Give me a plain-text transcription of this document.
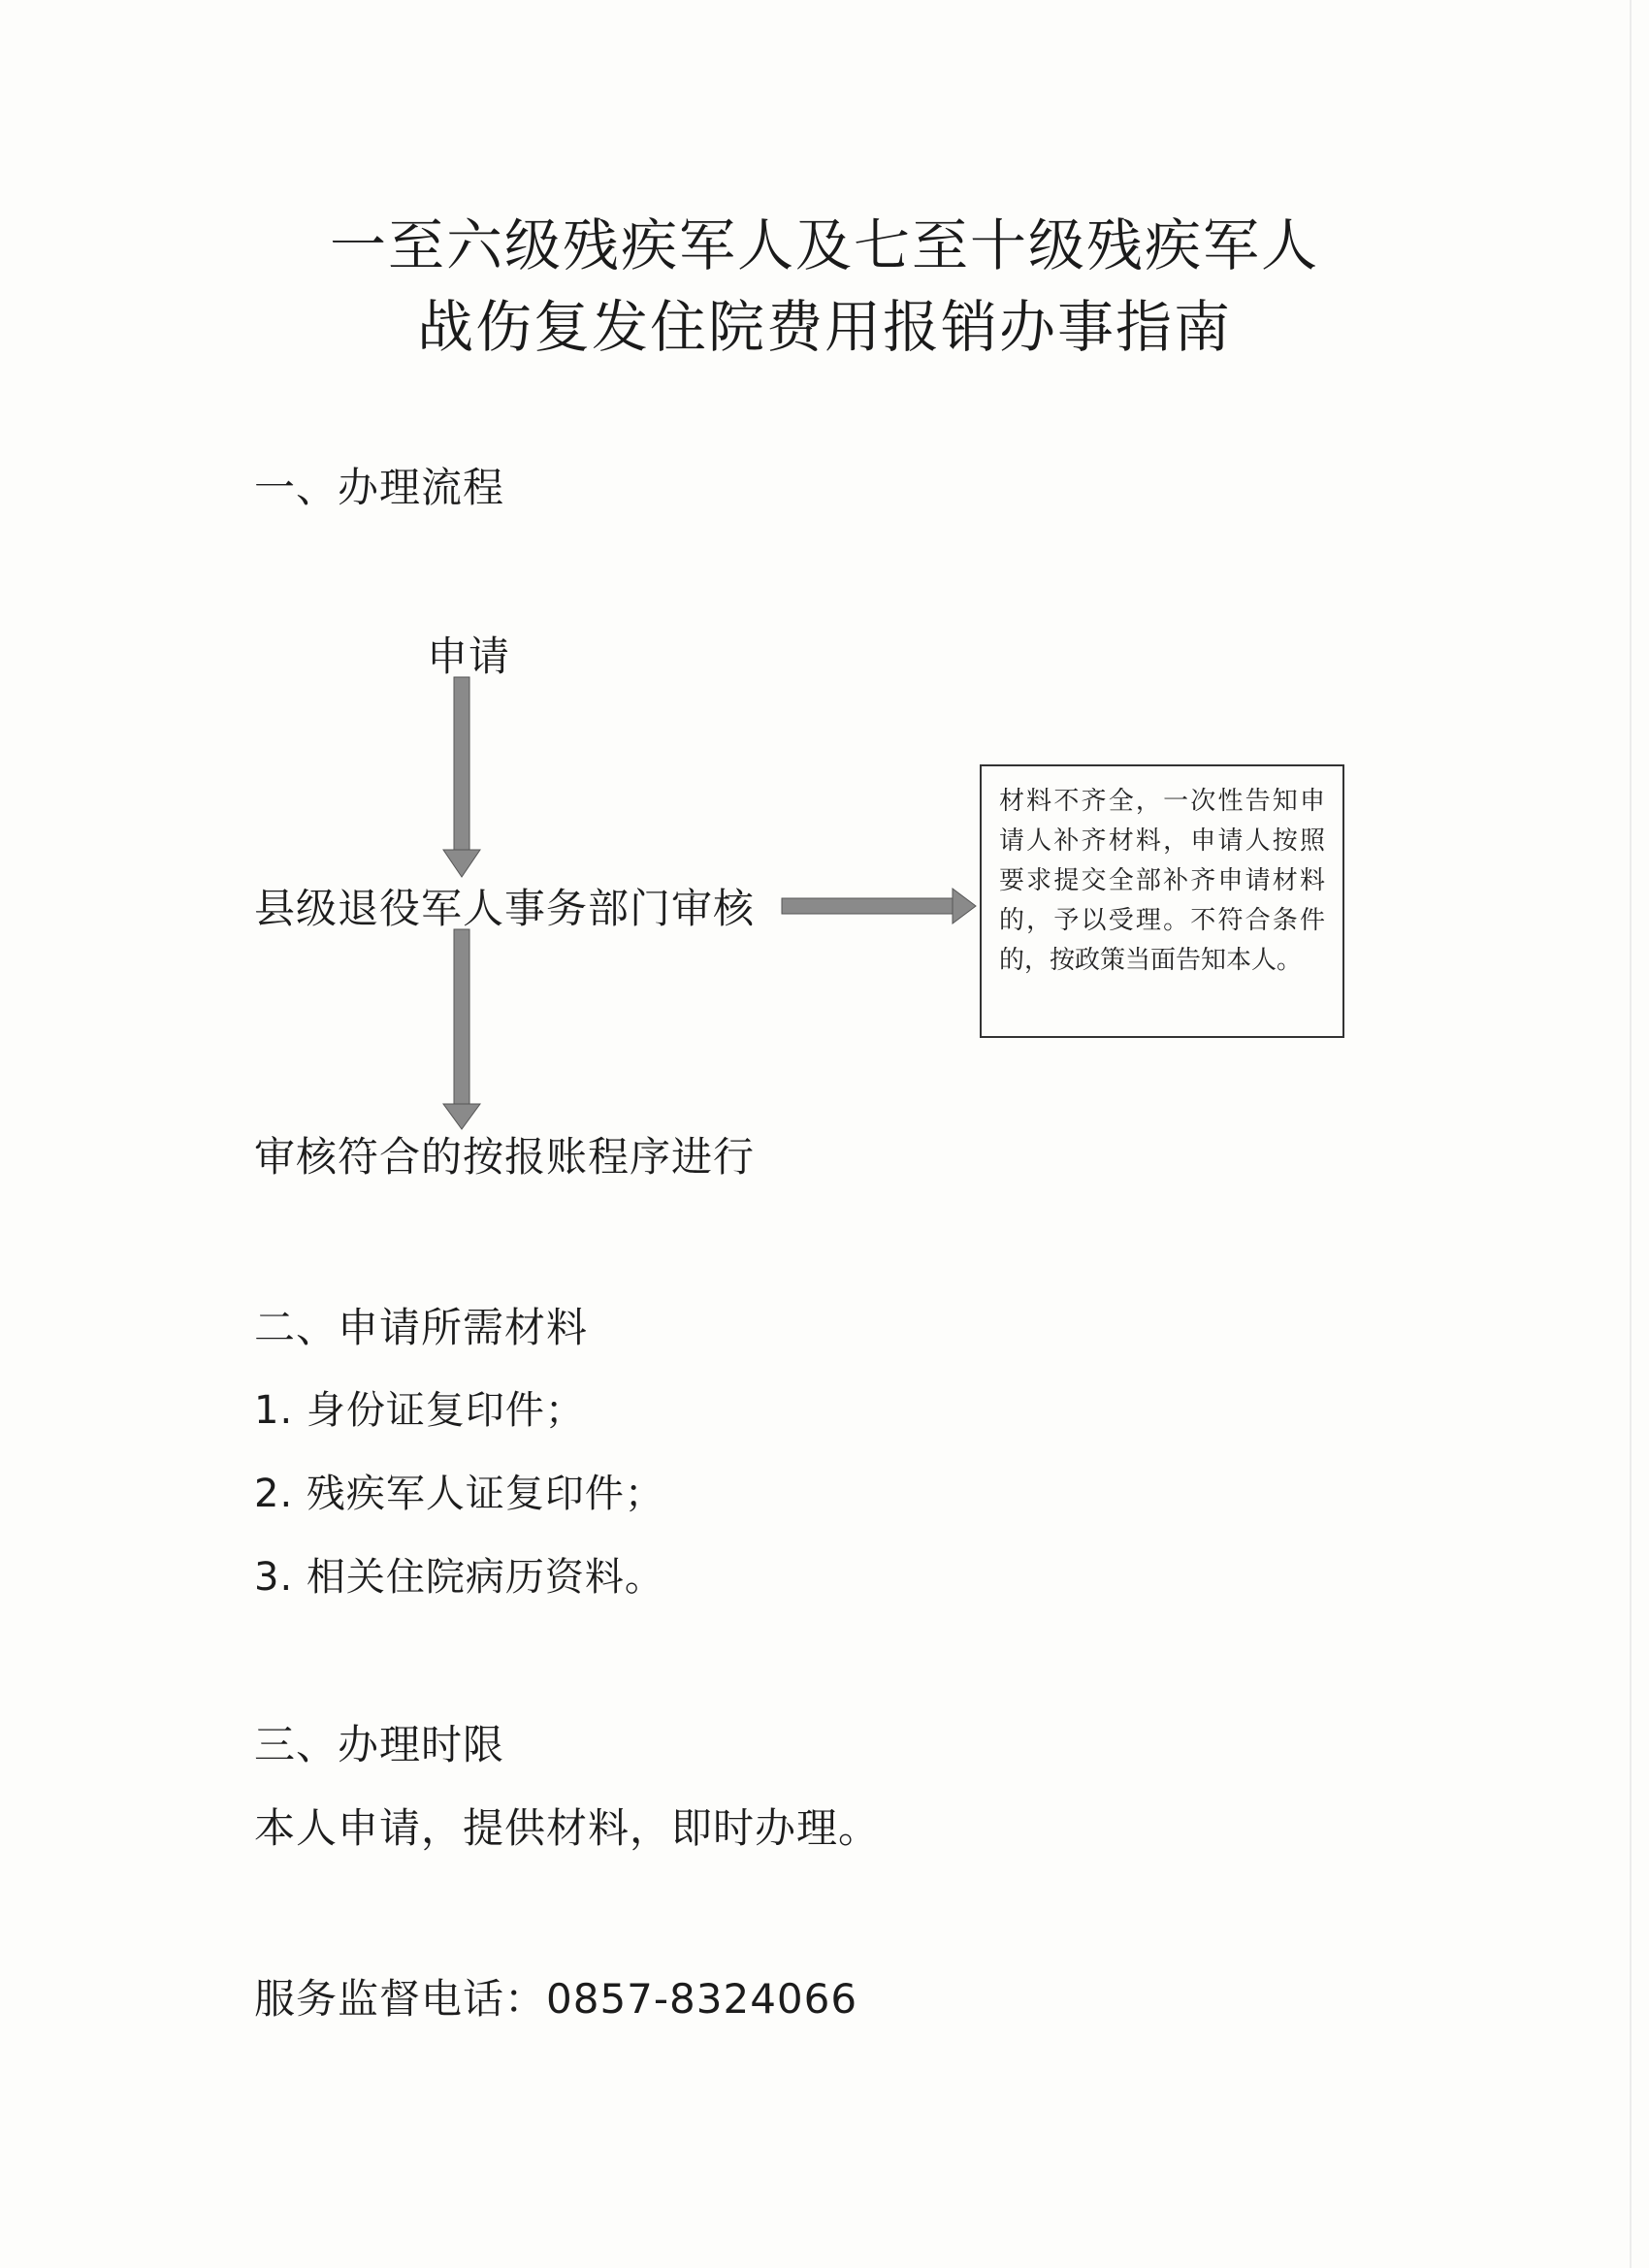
一至六级残疾军人及七至十级残疾军人
战伤复发住院费用报销办事指南
一、办理流程
申请
县级退役军人事务部门审核
审核符合的按报账程序进行
材料不齐全，一次性告知申请人补齐材料，申请人按照要求提交全部补齐申请材料的，予以受理。不符合条件的，按政策当面告知本人。
二、申请所需材料
1. 身份证复印件；
2. 残疾军人证复印件；
3. 相关住院病历资料。
三、办理时限
本人申请，提供材料，即时办理。
服务监督电话：0857-8324066
